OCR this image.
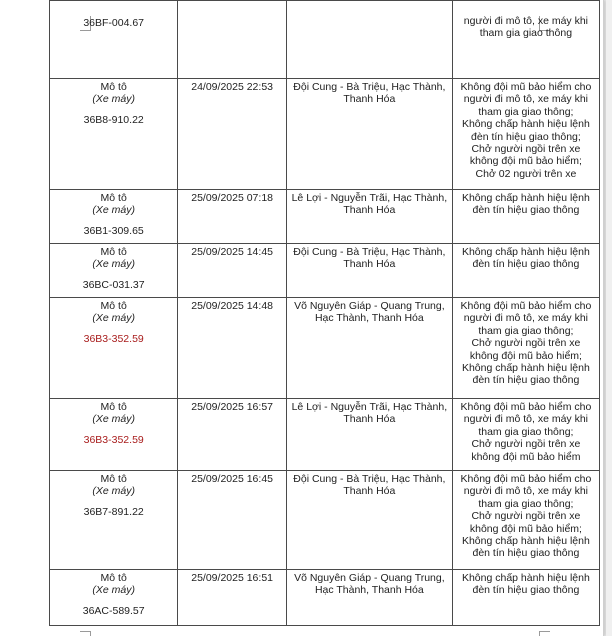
36BF-004.67			người đi mô tô, xe máy khi
tham gia giao thông

Mô tô
(Xe máy)
36B8-910.22	24/09/2025 22:53	Đội Cung - Bà Triệu, Hạc Thành, Thanh Hóa	Không đội mũ bảo hiểm cho người đi mô tô, xe máy khi tham gia giao thông;
Không chấp hành hiệu lệnh đèn tín hiệu giao thông;
Chở người ngồi trên xe không đội mũ bảo hiểm;
Chở 02 người trên xe

Mô tô
(Xe máy)
36B1-309.65	25/09/2025 07:18	Lê Lợi - Nguyễn Trãi, Hạc Thành, Thanh Hóa	Không chấp hành hiệu lệnh đèn tín hiệu giao thông

Mô tô
(Xe máy)
36BC-031.37	25/09/2025 14:45	Đội Cung - Bà Triệu, Hạc Thành, Thanh Hóa	Không chấp hành hiệu lệnh đèn tín hiệu giao thông

Mô tô
(Xe máy)
36B3-352.59	25/09/2025 14:48	Võ Nguyên Giáp - Quang Trung, Hạc Thành, Thanh Hóa	Không đội mũ bảo hiểm cho người đi mô tô, xe máy khi tham gia giao thông;
Chở người ngồi trên xe không đội mũ bảo hiểm;
Không chấp hành hiệu lệnh đèn tín hiệu giao thông

Mô tô
(Xe máy)
36B3-352.59	25/09/2025 16:57	Lê Lợi - Nguyễn Trãi, Hạc Thành, Thanh Hóa	Không đội mũ bảo hiểm cho người đi mô tô, xe máy khi tham gia giao thông;
Chở người ngồi trên xe không đội mũ bảo hiểm

Mô tô
(Xe máy)
36B7-891.22	25/09/2025 16:45	Đội Cung - Bà Triệu, Hạc Thành, Thanh Hóa	Không đội mũ bảo hiểm cho người đi mô tô, xe máy khi tham gia giao thông;
Chở người ngồi trên xe không đội mũ bảo hiểm;
Không chấp hành hiệu lệnh đèn tín hiệu giao thông

Mô tô
(Xe máy)
36AC-589.57	25/09/2025 16:51	Võ Nguyên Giáp - Quang Trung, Hạc Thành, Thanh Hóa	Không chấp hành hiệu lệnh đèn tín hiệu giao thông
